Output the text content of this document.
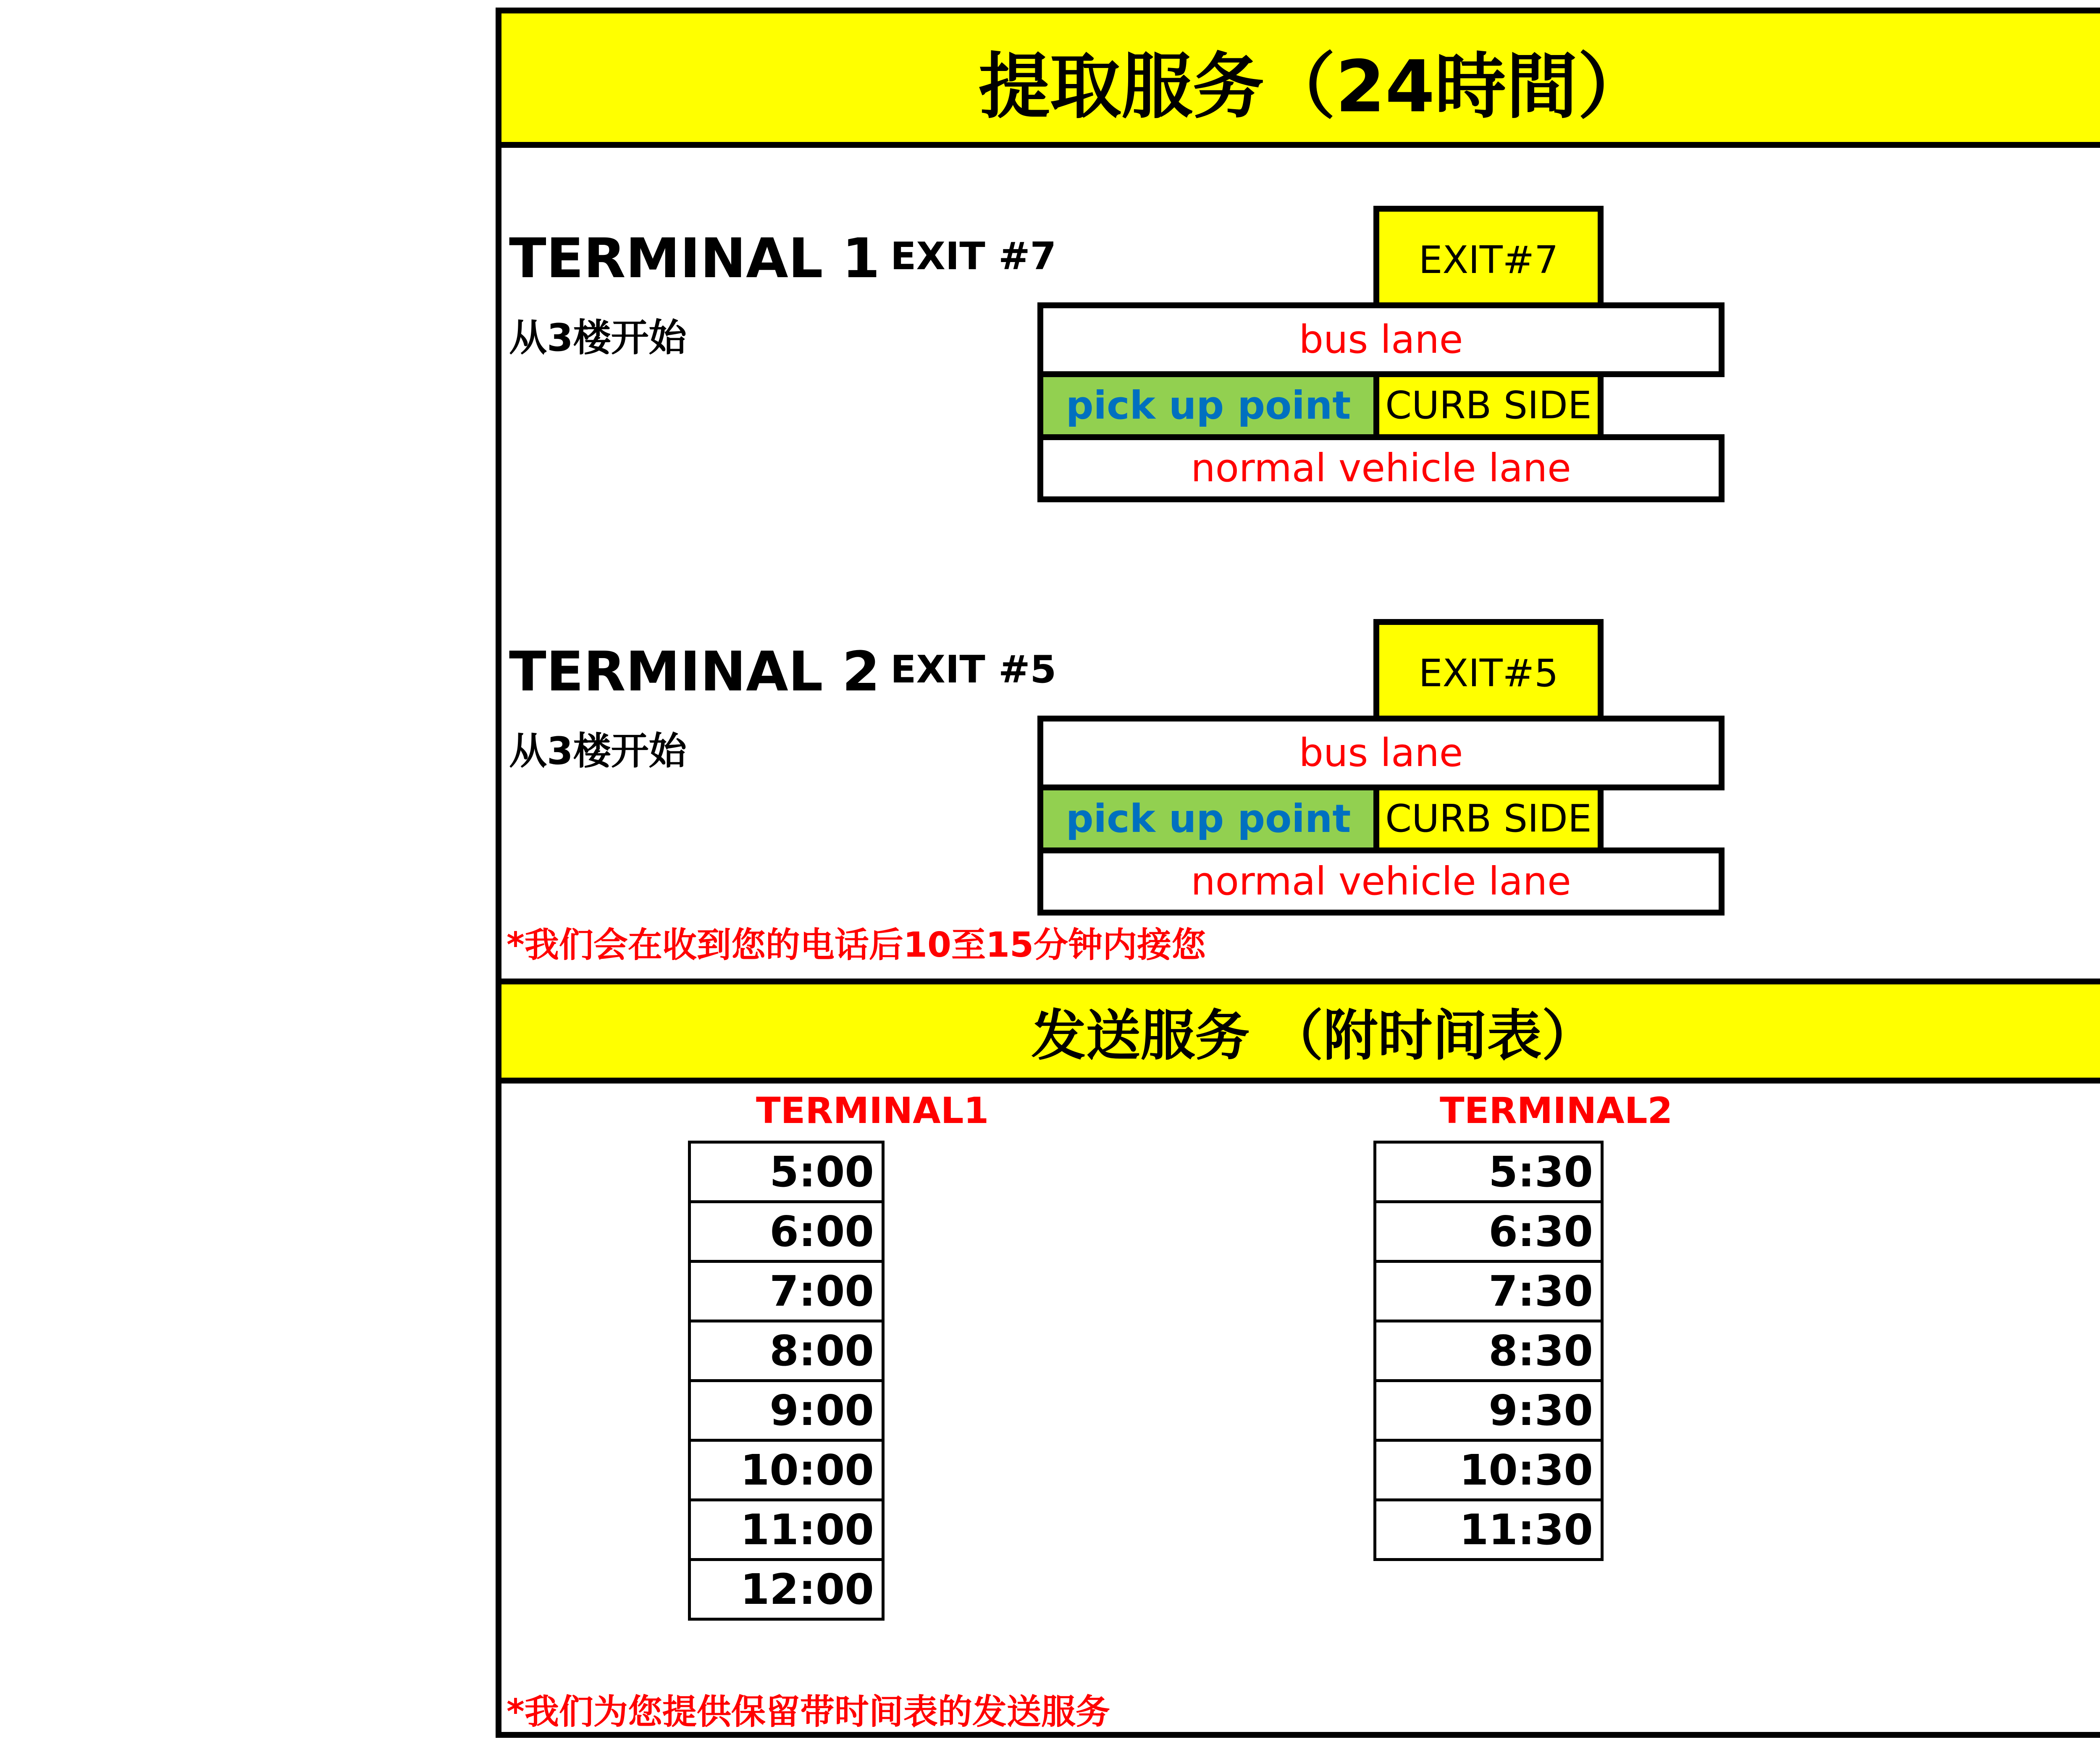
提取服务（24時間）
TERMINAL 1 EXIT #7
从3楼开始
EXIT#7
bus lane
pick up point CURB SIDE
normal vehicle lane
TERMINAL 2 EXIT #5
从3楼开始
EXIT#5
bus lane
pick up point CURB SIDE
normal vehicle lane
*我们会在收到您的电话后10至15分钟内接您
发送服务 （附时间表）
TERMINAL1	TERMINAL2
5:00
6:00
7:00
8:00
9:00
10:00
11:00
12:00
5:30
6:30
7:30
8:30
9:30
10:30
11:30
*我们为您提供保留带时间表的发送服务
